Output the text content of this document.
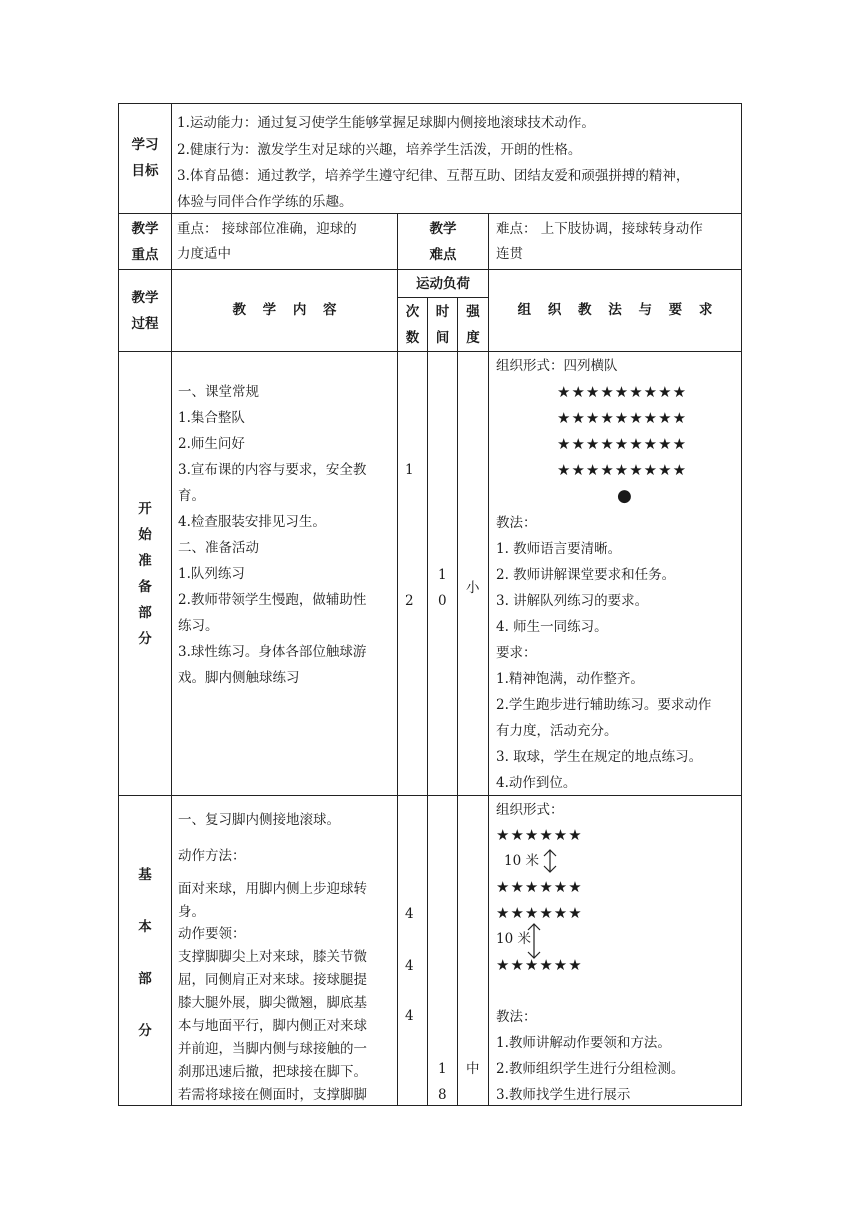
学习
目标
1.运动能力：通过复习使学生能够掌握足球脚内侧接地滚球技术动作。
2.健康行为：激发学生对足球的兴趣，培养学生活泼，开朗的性格。
3.体育品德：通过教学，培养学生遵守纪律、互帮互助、团结友爱和顽强拼搏的精神，
体验与同伴合作学练的乐趣。
教学
重点
重点： 接球部位准确，迎球的
力度适中
教学
难点
难点： 上下肢协调，接球转身动作
连贯
教学
过程
教 学 内 容
运动负荷
次
数
时
间
强
度
组 织 教 法 与 要 求
开
始
准
备
部
分
一、课堂常规
1.集合整队
2.师生问好
3.宣布课的内容与要求，安全教
育。
4.检查服装安排见习生。
二、准备活动
1.队列练习
2.教师带领学生慢跑，做辅助性
练习。
3.球性练习。身体各部位触球游
戏。脚内侧触球练习
1
2
1
0
小
组织形式：四列横队
★★★★★★★★★
★★★★★★★★★
★★★★★★★★★
★★★★★★★★★
●
教法：
1. 教师语言要清晰。
2. 教师讲解课堂要求和任务。
3. 讲解队列练习的要求。
4. 师生一同练习。
要求：
1.精神饱满，动作整齐。
2.学生跑步进行辅助练习。要求动作
有力度，活动充分。
3. 取球，学生在规定的地点练习。
4.动作到位。
基
本
部
分
一、复习脚内侧接地滚球。
动作方法：
面对来球，用脚内侧上步迎球转
身。
动作要领：
支撑脚脚尖上对来球，膝关节微
屈，同侧肩正对来球。接球腿提
膝大腿外展，脚尖微翘，脚底基
本与地面平行，脚内侧正对来球
并前迎，当脚内侧与球接触的一
刹那迅速后撤，把球接在脚下。
若需将球接在侧面时，支撑脚脚
4
4
4
1
8
中
组织形式：
★★★★★★
10 米
★★★★★★
★★★★★★
10 米
★★★★★★
教法：
1.教师讲解动作要领和方法。
2.教师组织学生进行分组检测。
3.教师找学生进行展示
